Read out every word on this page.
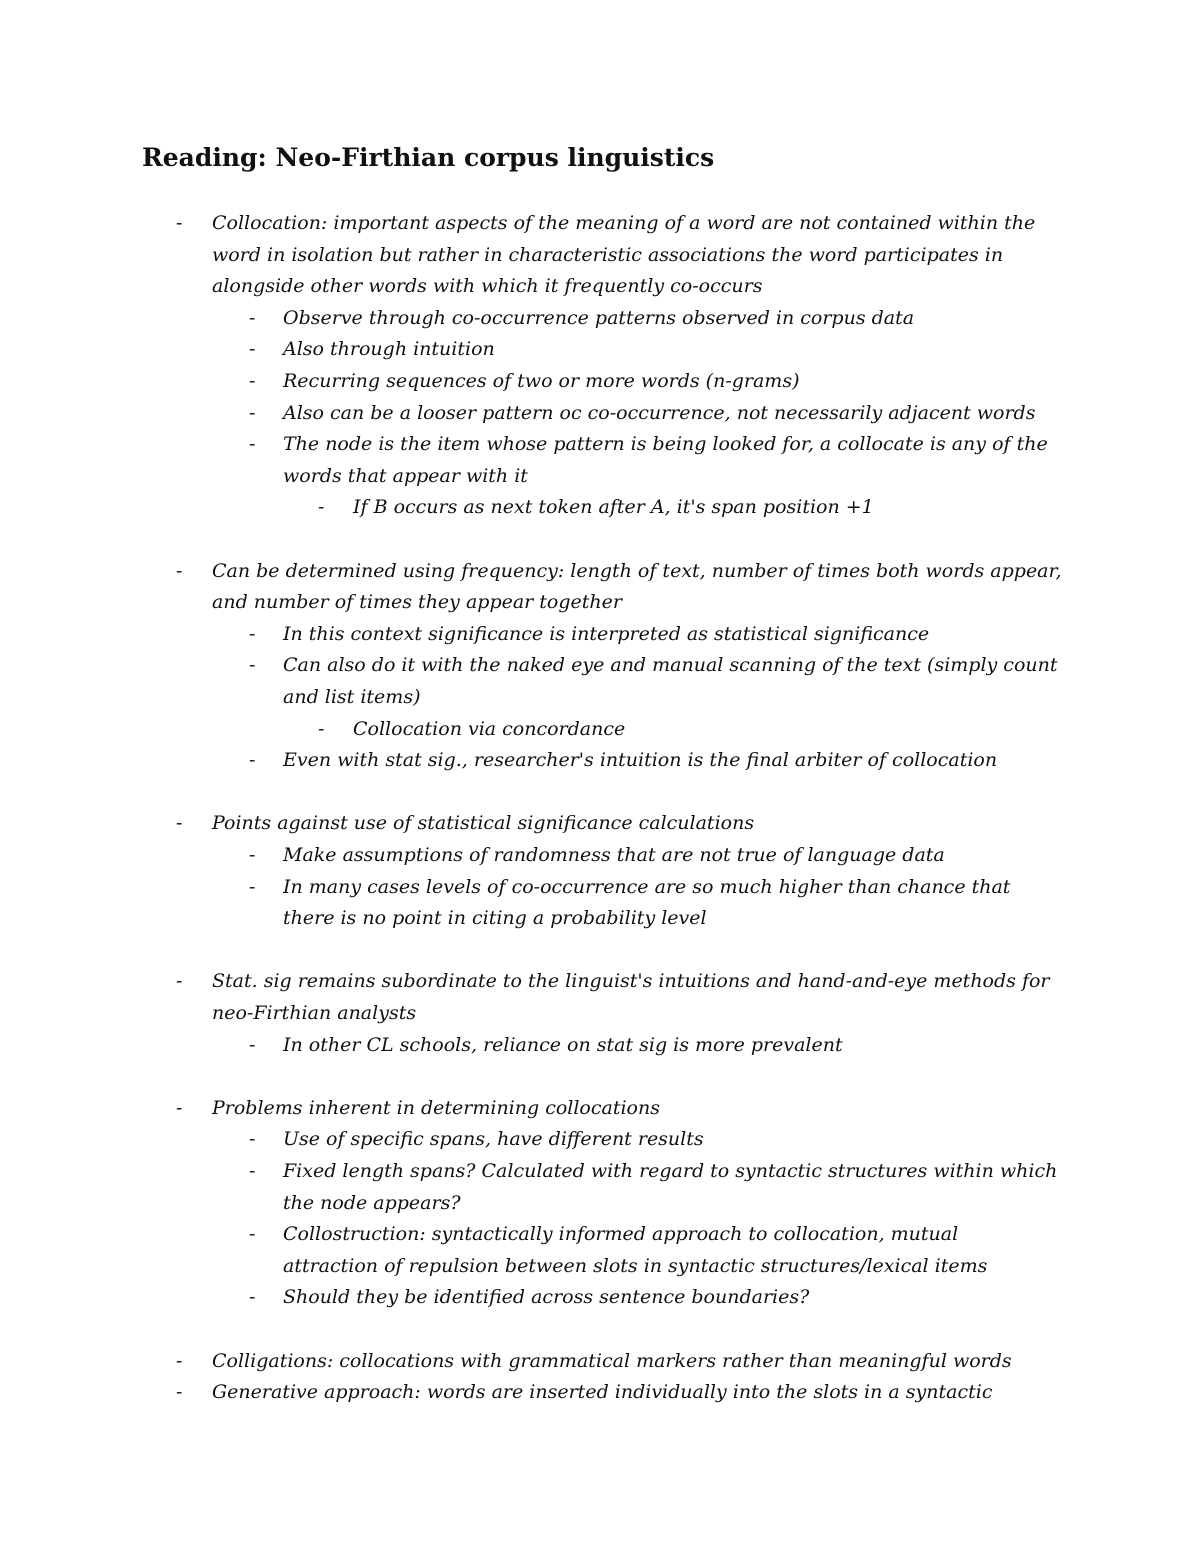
Reading: Neo-Firthian corpus linguistics
- Collocation: important aspects of the meaning of a word are not contained within the
word in isolation but rather in characteristic associations the word participates in
alongside other words with which it frequently co-occurs
- Observe through co-occurrence patterns observed in corpus data
- Also through intuition
- Recurring sequences of two or more words (n-grams)
- Also can be a looser pattern oc co-occurrence, not necessarily adjacent words
- The node is the item whose pattern is being looked for, a collocate is any of the
words that appear with it
- If B occurs as next token after A, it's span position +1
- Can be determined using frequency: length of text, number of times both words appear,
and number of times they appear together
- In this context significance is interpreted as statistical significance
- Can also do it with the naked eye and manual scanning of the text (simply count
and list items)
- Collocation via concordance
- Even with stat sig., researcher's intuition is the final arbiter of collocation
- Points against use of statistical significance calculations
- Make assumptions of randomness that are not true of language data
- In many cases levels of co-occurrence are so much higher than chance that
there is no point in citing a probability level
- Stat. sig remains subordinate to the linguist's intuitions and hand-and-eye methods for
neo-Firthian analysts
- In other CL schools, reliance on stat sig is more prevalent
- Problems inherent in determining collocations
- Use of specific spans, have different results
- Fixed length spans? Calculated with regard to syntactic structures within which
the node appears?
- Collostruction: syntactically informed approach to collocation, mutual
attraction of repulsion between slots in syntactic structures/lexical items
- Should they be identified across sentence boundaries?
- Colligations: collocations with grammatical markers rather than meaningful words
- Generative approach: words are inserted individually into the slots in a syntactic
